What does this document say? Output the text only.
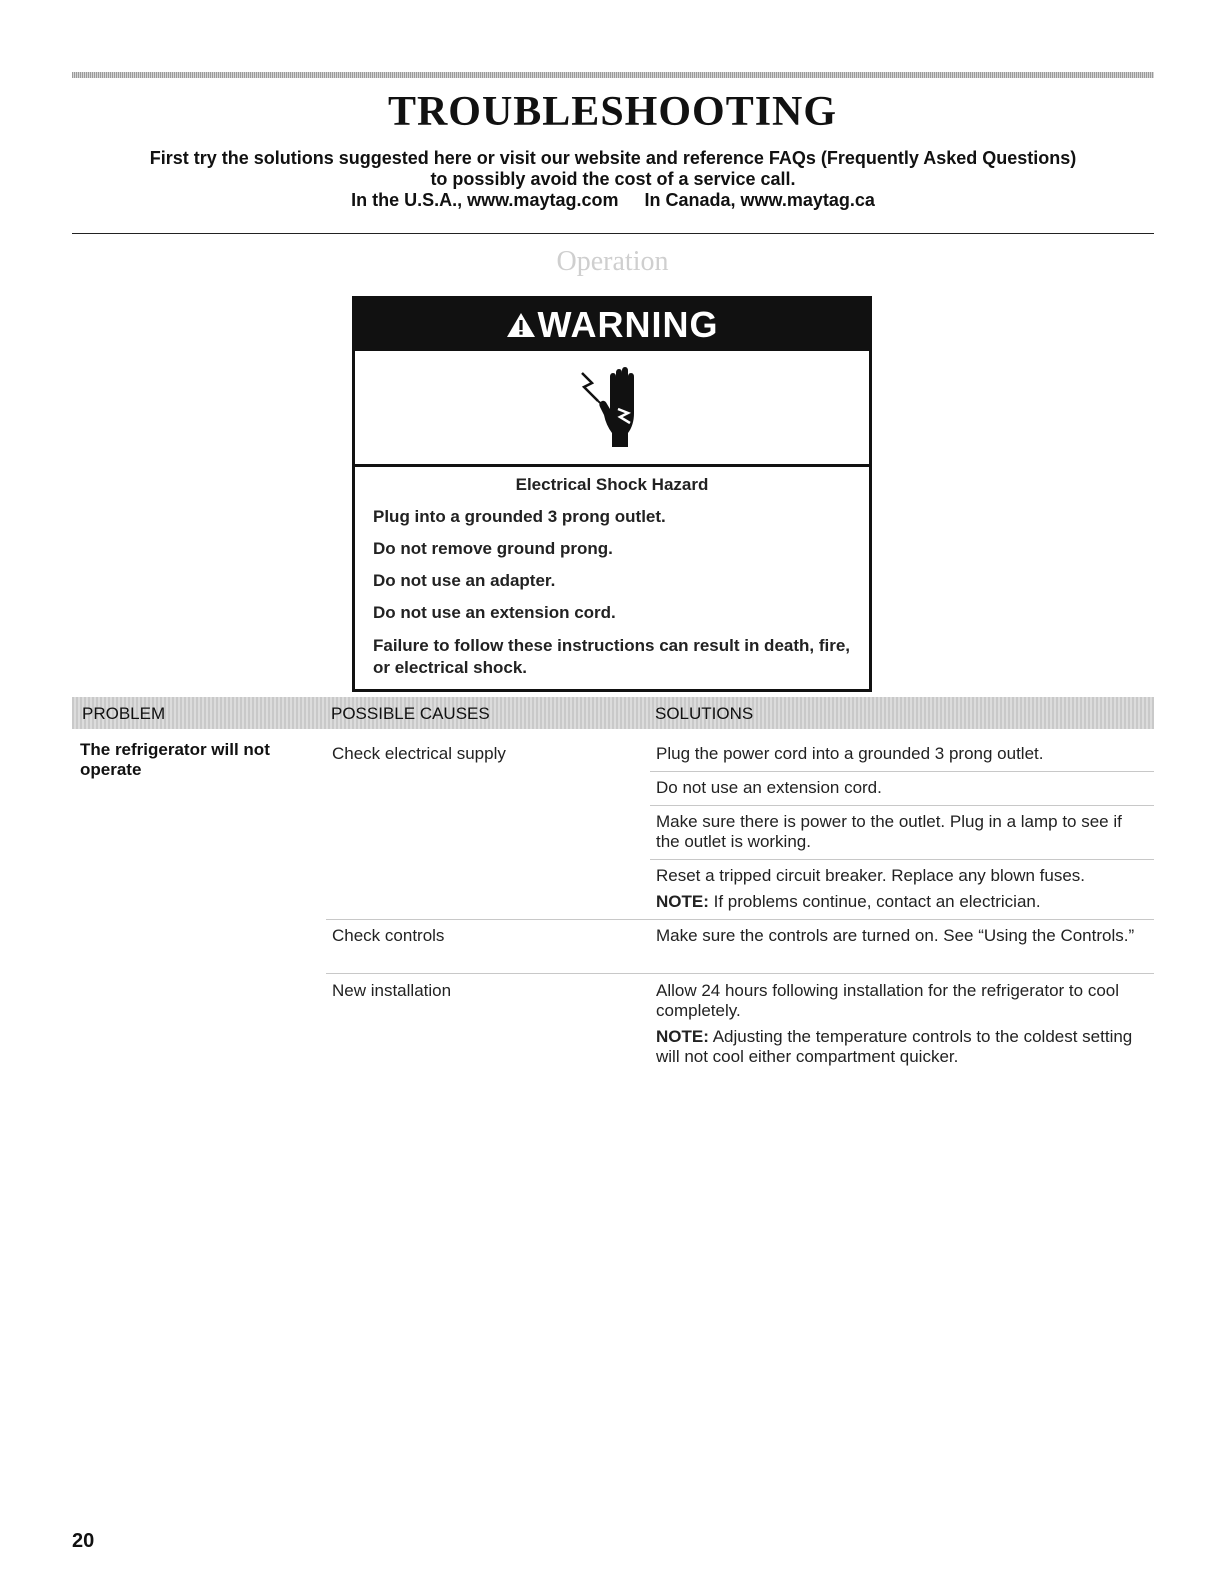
TROUBLESHOOTING
First try the solutions suggested here or visit our website and reference FAQs (Frequently Asked Questions)
to possibly avoid the cost of a service call.
In the U.S.A., www.maytag.com In Canada, www.maytag.ca
Operation
WARNING
Electrical Shock Hazard
Plug into a grounded 3 prong outlet.
Do not remove ground prong.
Do not use an adapter.
Do not use an extension cord.
Failure to follow these instructions can result in death, fire, or electrical shock.
PROBLEM	POSSIBLE CAUSES	SOLUTIONS
The refrigerator will not operate
Check electrical supply	Plug the power cord into a grounded 3 prong outlet.
Do not use an extension cord.
Make sure there is power to the outlet. Plug in a lamp to see if the outlet is working.
Reset a tripped circuit breaker. Replace any blown fuses.
NOTE: If problems continue, contact an electrician.
Check controls	Make sure the controls are turned on. See “Using the Controls.”
New installation	Allow 24 hours following installation for the refrigerator to cool completely.
NOTE: Adjusting the temperature controls to the coldest setting will not cool either compartment quicker.
20
